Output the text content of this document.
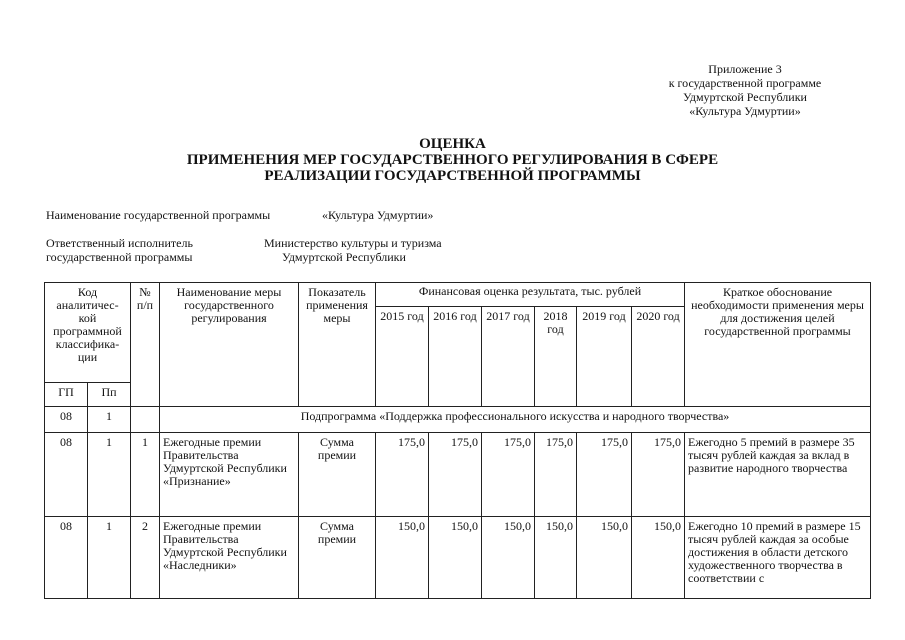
Приложение 3
к государственной программе
Удмуртской Республики
«Культура Удмуртии»
ОЦЕНКА
ПРИМЕНЕНИЯ МЕР ГОСУДАРСТВЕННОГО РЕГУЛИРОВАНИЯ В СФЕРЕ
РЕАЛИЗАЦИИ ГОСУДАРСТВЕННОЙ ПРОГРАММЫ
Наименование государственной программы	«Культура Удмуртии»
Ответственный исполнитель
государственной программы
Министерство культуры и туризма
Удмуртской Республики
Код аналитичес-кой программной классифика-ции		№ п/п	Наименование меры государственного регулирования	Показатель применения меры	Финансовая оценка результата, тыс. рублей						Краткое обоснование необходимости применения меры для достижения целей государственной программы
					2015 год	2016 год	2017 год	2018 год	2019 год	2020 год	
ГП	Пп										
08	1		Подпрограмма «Поддержка профессионального искусства и народного творчества»								
08	1	1	Ежегодные премии Правительства Удмуртской Республики «Признание»	Сумма премии	175,0	175,0	175,0	175,0	175,0	175,0	Ежегодно 5 премий в размере 35 тысяч рублей каждая за вклад в развитие народного творчества
08	1	2	Ежегодные премии Правительства Удмуртской Республики «Наследники»	Сумма премии	150,0	150,0	150,0	150,0	150,0	150,0	Ежегодно 10 премий в размере 15 тысяч рублей каждая за особые достижения в области детского художественного творчества в соответствии с
